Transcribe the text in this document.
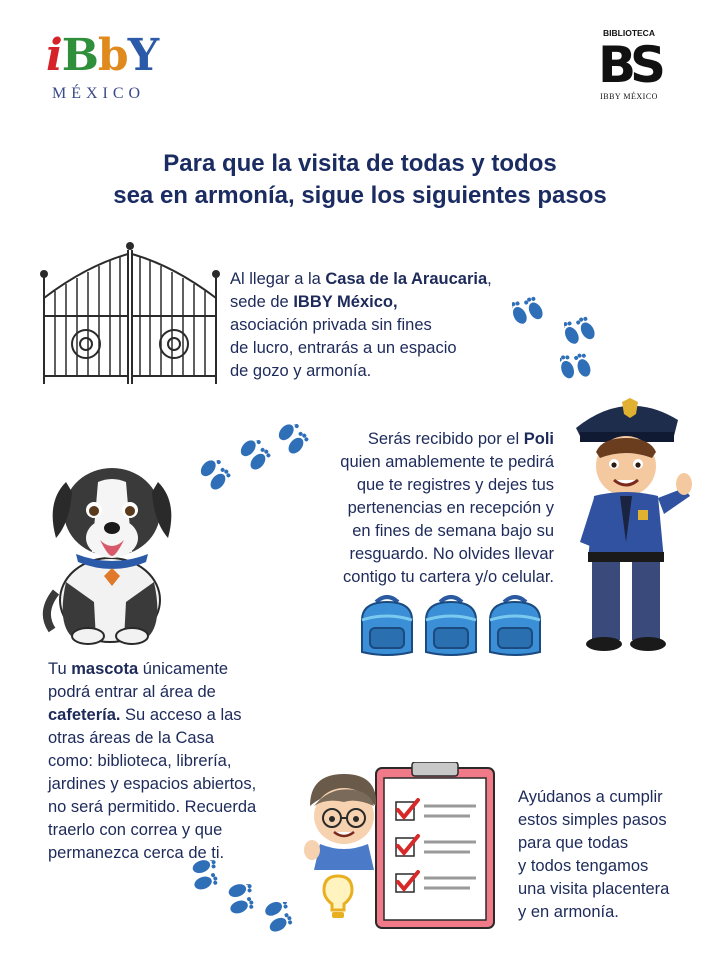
iBbY
MÉXICO
BIBLIOTECA
BS
IBBY MÉXICO
Para que la visita de todas y todos
sea en armonía, sigue los siguientes pasos
Al llegar a la Casa de la Araucaria,
sede de IBBY México,
asociación privada sin fines
de lucro, entrarás a un espacio
de gozo y armonía.
Serás recibido por el Poli
quien amablemente te pedirá
que te registres y dejes tus
pertenencias en recepción y
en fines de semana bajo su
resguardo. No olvides llevar
contigo tu cartera y/o celular.
Tu mascota únicamente
podrá entrar al área de
cafetería. Su acceso a las
otras áreas de la Casa
como: biblioteca, librería,
jardines y espacios abiertos,
no será permitido. Recuerda
traerlo con correa y que
permanezca cerca de ti.
Ayúdanos a cumplir
estos simples pasos
para que todas
y todos tengamos
una visita placentera
y en armonía.
